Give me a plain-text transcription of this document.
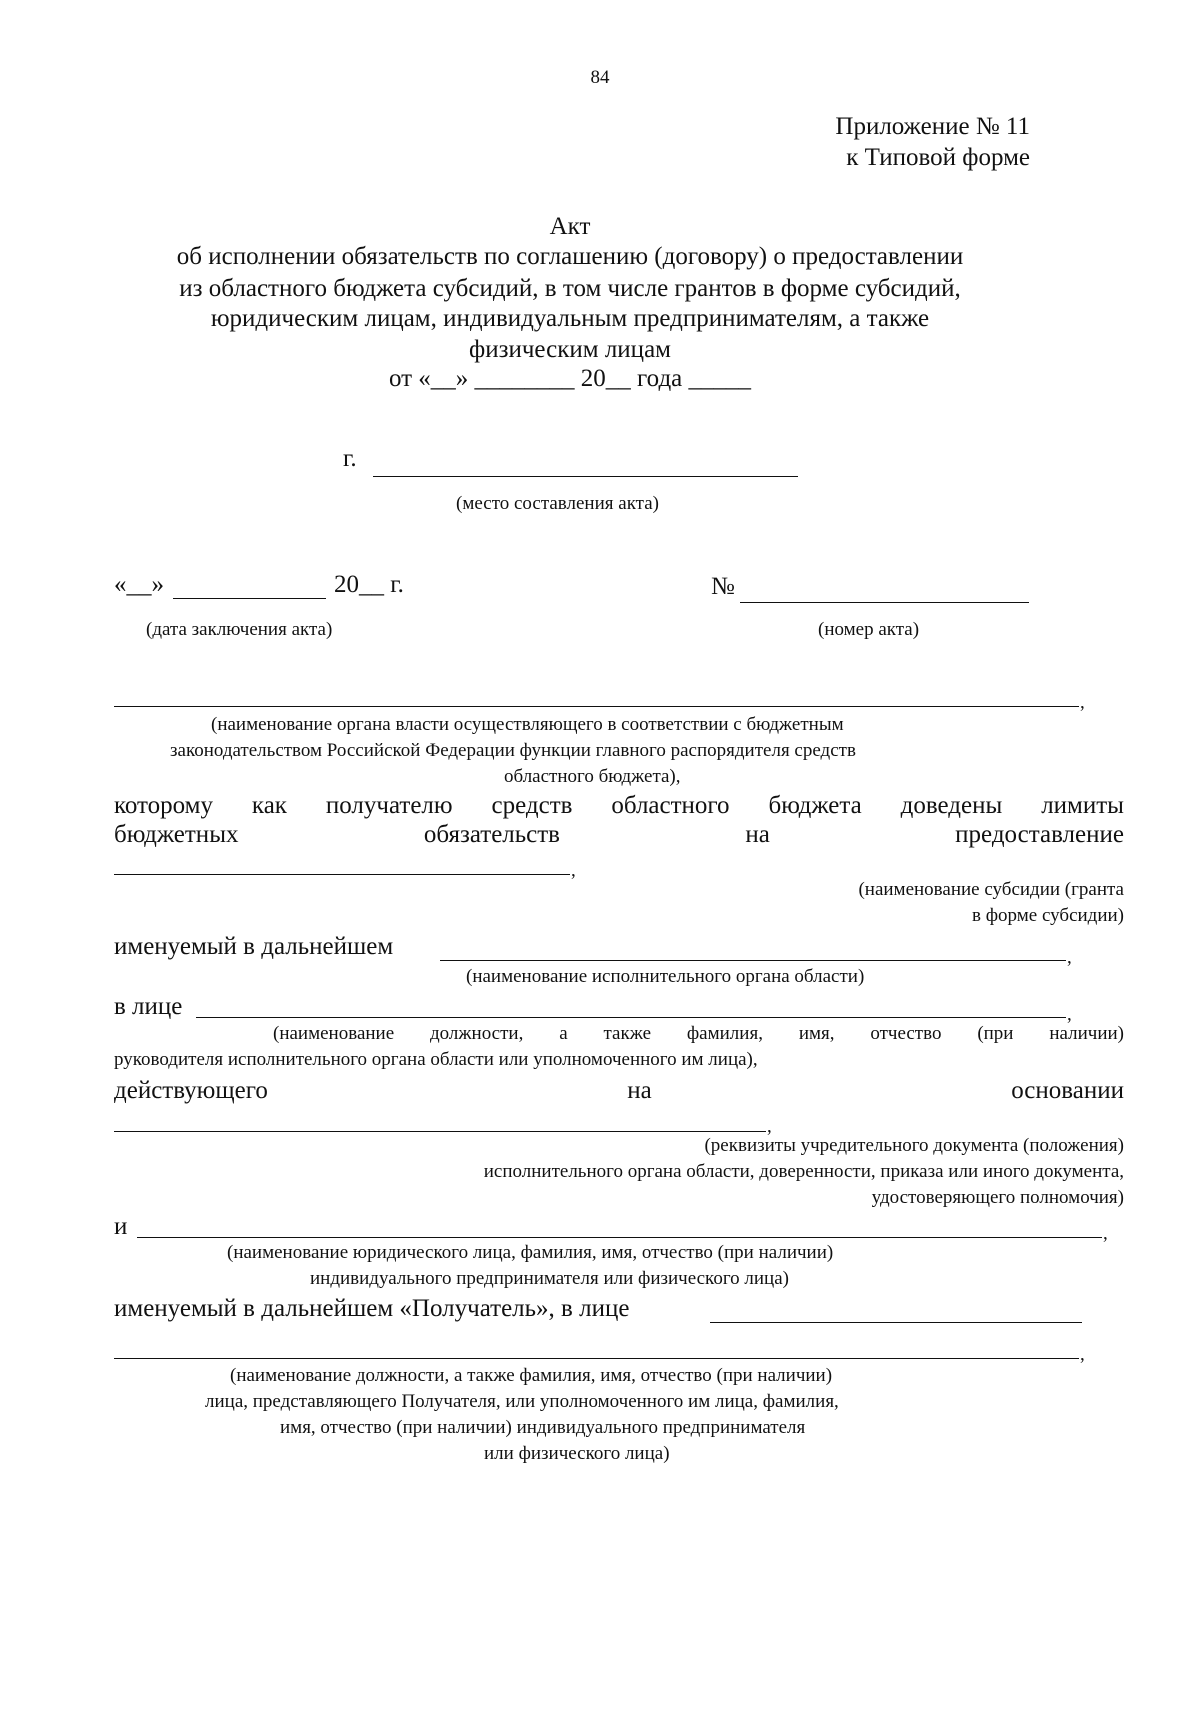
84
Приложение № 11
к Типовой форме
Акт
об исполнении обязательств по соглашению (договору) о предоставлении
из областного бюджета субсидий, в том числе грантов в форме субсидий,
юридическим лицам, индивидуальным предпринимателям, а также
физическим лицам
от «__» ________ 20__ года _____
г.
(место составления акта)
«__»	20__ г.	№
(дата заключения акта)	(номер акта)
,
(наименование органа власти осуществляющего в соответствии с бюджетным
законодательством Российской Федерации функции главного распорядителя средств
областного бюджета),
которому как получателю средств областного бюджета доведены лимиты
бюджетных	обязательств	на	предоставление
,
(наименование субсидии (гранта
в форме субсидии)
именуемый в дальнейшем	,
(наименование исполнительного органа области)
в лице	,
(наименование должности, а также фамилия, имя, отчество (при наличии)
руководителя исполнительного органа области или уполномоченного им лица),
действующего	на	основании
,
(реквизиты учредительного документа (положения)
исполнительного органа области, доверенности, приказа или иного документа,
удостоверяющего полномочия)
и	,
(наименование юридического лица, фамилия, имя, отчество (при наличии)
индивидуального предпринимателя или физического лица)
именуемый в дальнейшем «Получатель», в лице
,
(наименование должности, а также фамилия, имя, отчество (при наличии)
лица, представляющего Получателя, или уполномоченного им лица, фамилия,
имя, отчество (при наличии) индивидуального предпринимателя
или физического лица)
